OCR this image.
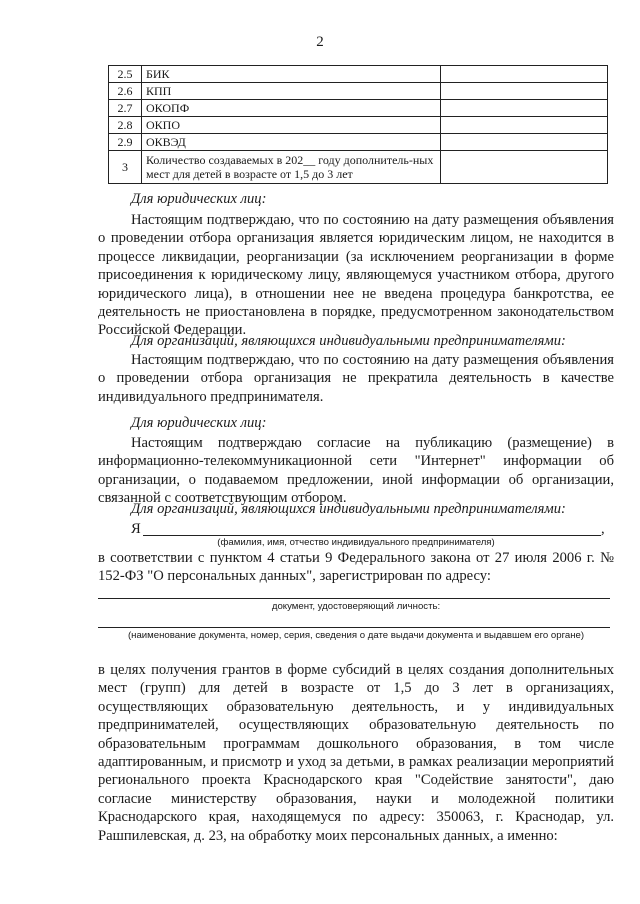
2
2.5	БИК	
2.6	КПП	
2.7	ОКОПФ	
2.8	ОКПО	
2.9	ОКВЭД	
3	Количество создаваемых в 202__ году дополнитель-ных мест для детей в возрасте от 1,5 до 3 лет	

Для юридических лиц:

Настоящим подтверждаю, что по состоянию на дату размещения объявления о проведении отбора организация является юридическим лицом, не находится в процессе ликвидации, реорганизации (за исключением реорганизации в форме присоединения к юридическому лицу, являющемуся участником отбора, другого юридического лица), в отношении нее не введена процедура банкротства, ее деятельность не приостановлена в порядке, предусмотренном законодательством Российской Федерации.

Для организаций, являющихся индивидуальными предпринимателями:

Настоящим подтверждаю, что по состоянию на дату размещения объявления о проведении отбора организация не прекратила деятельность в качестве индивидуального предпринимателя.

Для юридических лиц:

Настоящим подтверждаю согласие на публикацию (размещение) в информационно-телекоммуникационной сети "Интернет" информации об организации, о подаваемом предложении, иной информации об организации, связанной с соответствующим отбором.

Для организаций, являющихся индивидуальными предпринимателями:

Я	,
(фамилия, имя, отчество индивидуального предпринимателя)

в соответствии с пунктом 4 статьи 9 Федерального закона от 27 июля 2006 г. № 152-ФЗ "О персональных данных", зарегистрирован по адресу:

документ, удостоверяющий личность:
(наименование документа, номер, серия, сведения о дате выдачи документа и выдавшем его органе)

в целях получения грантов в форме субсидий в целях создания дополнительных мест (групп) для детей в возрасте от 1,5 до 3 лет в организациях, осуществляющих образовательную деятельность, и у индивидуальных предпринимателей, осуществляющих образовательную деятельность по образовательным программам дошкольного образования, в том числе адаптированным, и присмотр и уход за детьми, в рамках реализации мероприятий регионального проекта Краснодарского края "Содействие занятости", даю согласие министерству образования, науки и молодежной политики Краснодарского края, находящемуся по адресу: 350063, г. Краснодар, ул. Рашпилевская, д. 23, на обработку моих персональных данных, а именно:
